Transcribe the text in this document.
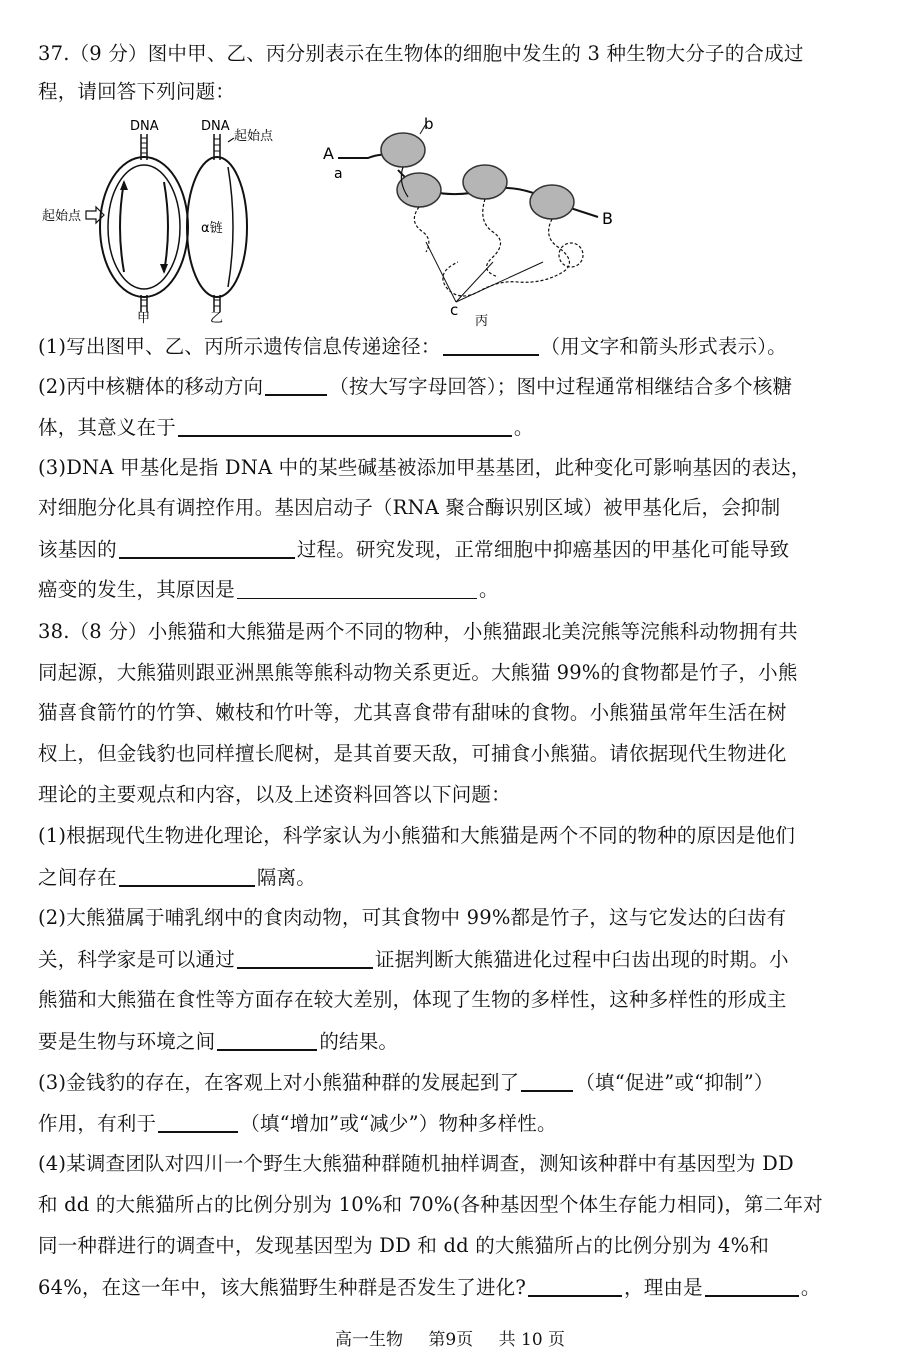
37.（9 分）图中甲、乙、丙分别表示在生物体的细胞中发生的 3 种生物大分子的合成过
程，请回答下列问题：
DNA
起始点
甲
DNA
起始点
α链
乙
A
a
b
B
c
丙
(1)写出图甲、乙、丙所示遗传信息传递途径：	（用文字和箭头形式表示）。
(2)丙中核糖体的移动方向	（按大写字母回答）；图中过程通常相继结合多个核糖
体，其意义在于	。
(3)DNA 甲基化是指 DNA 中的某些碱基被添加甲基基团，此种变化可影响基因的表达，
对细胞分化具有调控作用。基因启动子（RNA 聚合酶识别区域）被甲基化后，会抑制
该基因的	过程。研究发现，正常细胞中抑癌基因的甲基化可能导致
癌变的发生，其原因是	。
38.（8 分）小熊猫和大熊猫是两个不同的物种，小熊猫跟北美浣熊等浣熊科动物拥有共
同起源，大熊猫则跟亚洲黑熊等熊科动物关系更近。大熊猫 99%的食物都是竹子，小熊
猫喜食箭竹的竹笋、嫩枝和竹叶等，尤其喜食带有甜味的食物。小熊猫虽常年生活在树
杈上，但金钱豹也同样擅长爬树，是其首要天敌，可捕食小熊猫。请依据现代生物进化
理论的主要观点和内容，以及上述资料回答以下问题：
(1)根据现代生物进化理论，科学家认为小熊猫和大熊猫是两个不同的物种的原因是他们
之间存在	隔离。
(2)大熊猫属于哺乳纲中的食肉动物，可其食物中 99%都是竹子，这与它发达的臼齿有
关，科学家是可以通过	证据判断大熊猫进化过程中臼齿出现的时期。小
熊猫和大熊猫在食性等方面存在较大差别，体现了生物的多样性，这种多样性的形成主
要是生物与环境之间	的结果。
(3)金钱豹的存在，在客观上对小熊猫种群的发展起到了	（填“促进”或“抑制”）
作用，有利于	（填“增加”或“减少”）物种多样性。
(4)某调查团队对四川一个野生大熊猫种群随机抽样调查，测知该种群中有基因型为 DD
和 dd 的大熊猫所占的比例分别为 10%和 70%(各种基因型个体生存能力相同)，第二年对
同一种群进行的调查中，发现基因型为 DD 和 dd 的大熊猫所占的比例分别为 4%和
64%，在这一年中，该大熊猫野生种群是否发生了进化?	，理由是	。
高一生物 第9页 共 10 页
